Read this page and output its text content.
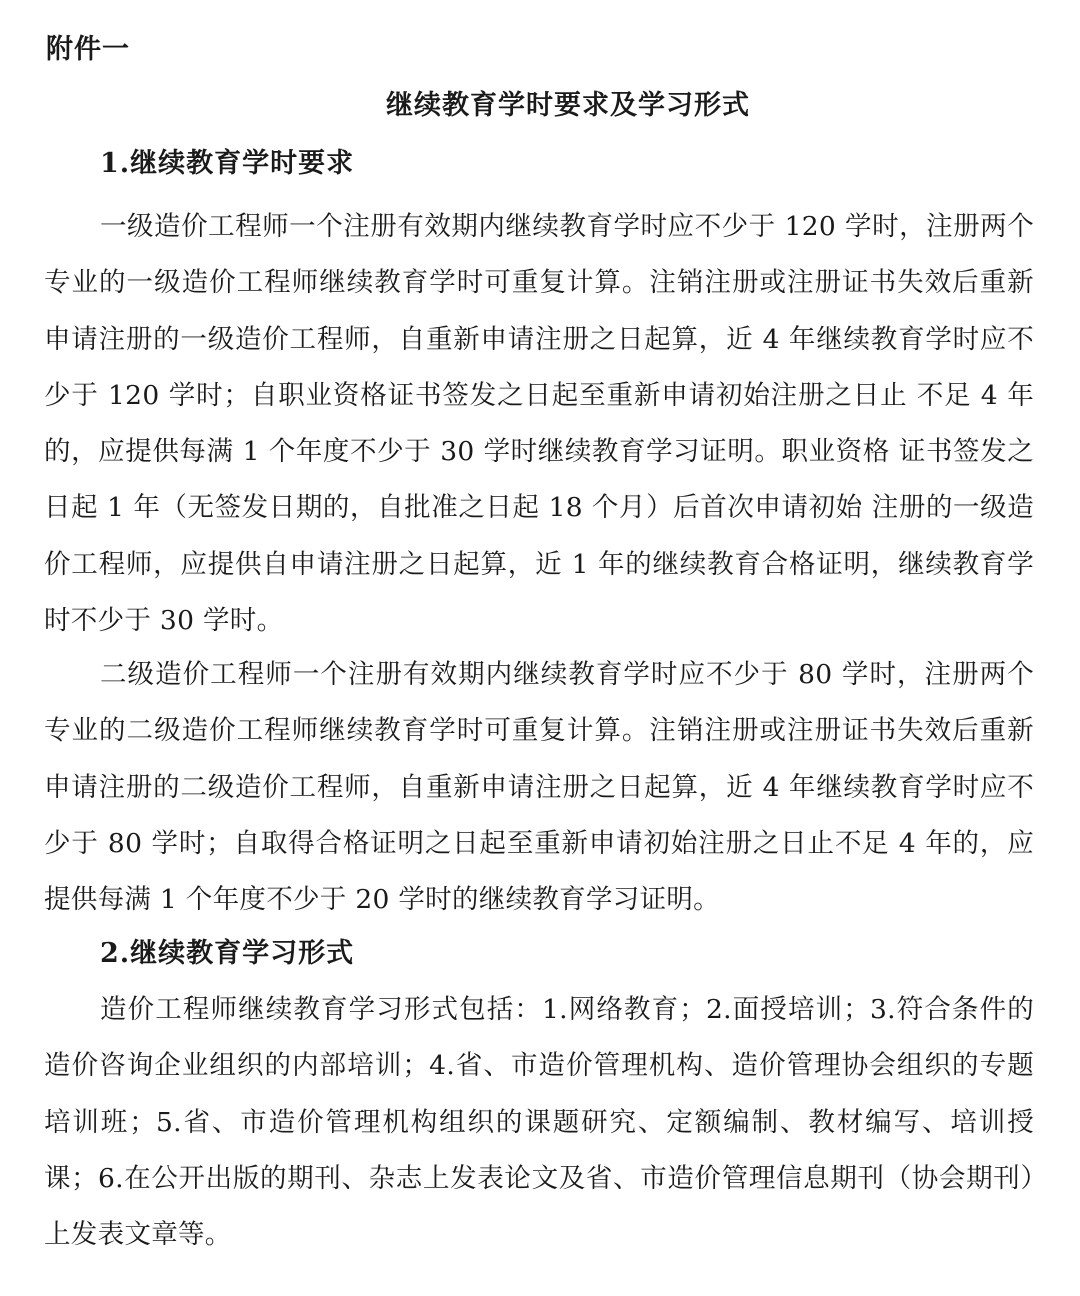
附件一

继续教育学时要求及学习形式
1.继续教育学时要求

一级造价工程师一个注册有效期内继续教育学时应不少于 120 学时，注册两个专业的一级造价工程师继续教育学时可重复计算。注销注册或注册证书失效后重新申请注册的一级造价工程师，自重新申请注册之日起算，近 4 年继续教育学时应不少于 120 学时；自职业资格证书签发之日起至重新申请初始注册之日止 不足 4 年的，应提供每满 1 个年度不少于 30 学时继续教育学习证明。职业资格 证书签发之日起 1 年（无签发日期的，自批准之日起 18 个月）后首次申请初始 注册的一级造价工程师，应提供自申请注册之日起算，近 1 年的继续教育合格证明，继续教育学时不少于 30 学时。

二级造价工程师一个注册有效期内继续教育学时应不少于 80 学时，注册两个专业的二级造价工程师继续教育学时可重复计算。注销注册或注册证书失效后重新申请注册的二级造价工程师，自重新申请注册之日起算，近 4 年继续教育学时应不少于 80 学时；自取得合格证明之日起至重新申请初始注册之日止不足 4 年的，应提供每满 1 个年度不少于 20 学时的继续教育学习证明。

2.继续教育学习形式

造价工程师继续教育学习形式包括：1.网络教育；2.面授培训；3.符合条件的造价咨询企业组织的内部培训；4.省、市造价管理机构、造价管理协会组织的专题培训班；5.省、市造价管理机构组织的课题研究、定额编制、教材编写、培训授课；6.在公开出版的期刊、杂志上发表论文及省、市造价管理信息期刊（协会期刊）上发表文章等。
